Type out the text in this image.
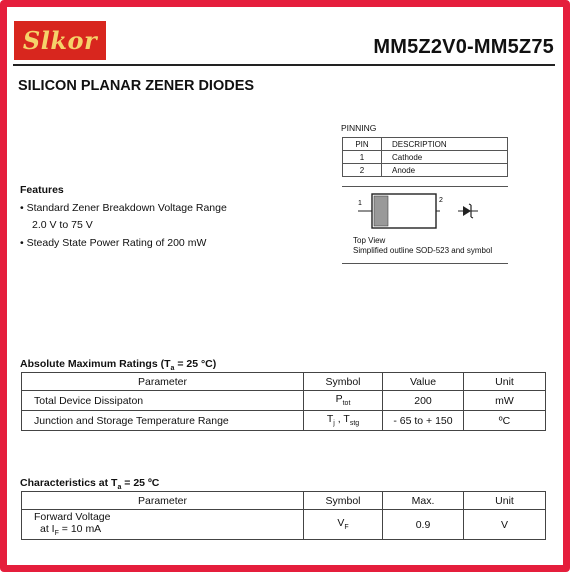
Slkor	MM5Z2V0-MM5Z75
SILICON PLANAR ZENER DIODES
PINNING
PIN	DESCRIPTION
1	Cathode
2	Anode
1	2
Top View
Simplified outline SOD-523 and symbol
Features
• Standard Zener Breakdown Voltage Range
2.0 V to 75 V
• Steady State Power Rating of 200 mW
Absolute Maximum Ratings ($T_a = 25$ °C)
Parameter	Symbol	Value	Unit
Total Device Dissipaton	$P_{tot}$	200	mW
Junction and Storage Temperature Range	$T_j$ , $T_{stg}$	- 65 to + 150	ºC
Characteristics at $T_a = 25$ ºC
Parameter	Symbol	Max.	Unit

Forward Voltage
at $I_F = 10$ mA	$V_F$	0.9	V
